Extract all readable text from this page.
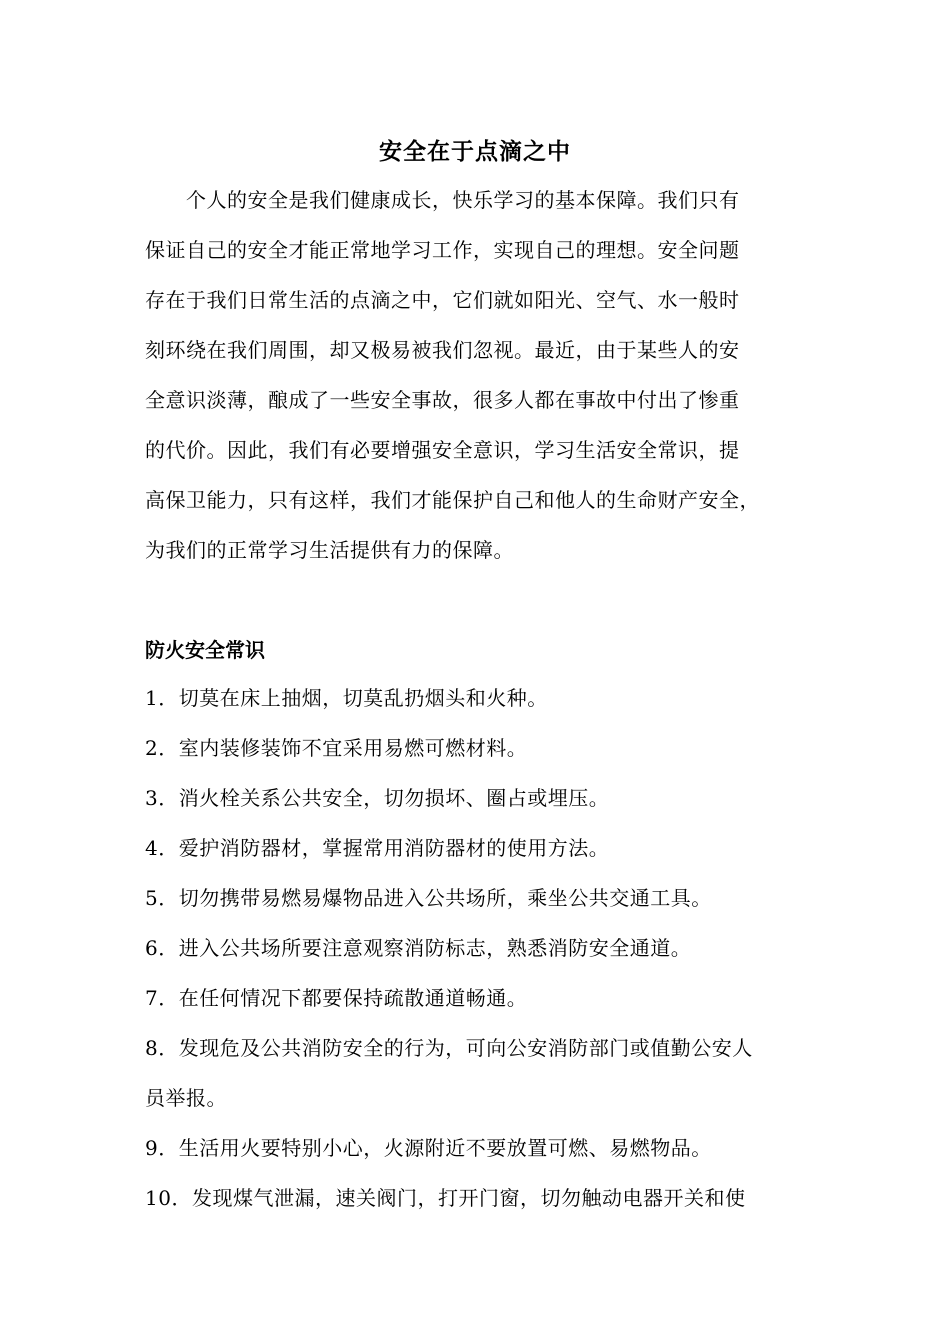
安全在于点滴之中
　　个人的安全是我们健康成长，快乐学习的基本保障。我们只有
保证自己的安全才能正常地学习工作，实现自己的理想。安全问题
存在于我们日常生活的点滴之中，它们就如阳光、空气、水一般时
刻环绕在我们周围，却又极易被我们忽视。最近，由于某些人的安
全意识淡薄，酿成了一些安全事故，很多人都在事故中付出了惨重
的代价。因此，我们有必要增强安全意识，学习生活安全常识，提
高保卫能力，只有这样，我们才能保护自己和他人的生命财产安全，
为我们的正常学习生活提供有力的保障。
防火安全常识
1．切莫在床上抽烟，切莫乱扔烟头和火种。
2．室内装修装饰不宜采用易燃可燃材料。
3．消火栓关系公共安全，切勿损坏、圈占或埋压。
4．爱护消防器材，掌握常用消防器材的使用方法。
5．切勿携带易燃易爆物品进入公共场所，乘坐公共交通工具。
6．进入公共场所要注意观察消防标志，熟悉消防安全通道。
7．在任何情况下都要保持疏散通道畅通。
8．发现危及公共消防安全的行为，可向公安消防部门或值勤公安人
员举报。
9．生活用火要特别小心，火源附近不要放置可燃、易燃物品。
10．发现煤气泄漏，速关阀门，打开门窗，切勿触动电器开关和使
